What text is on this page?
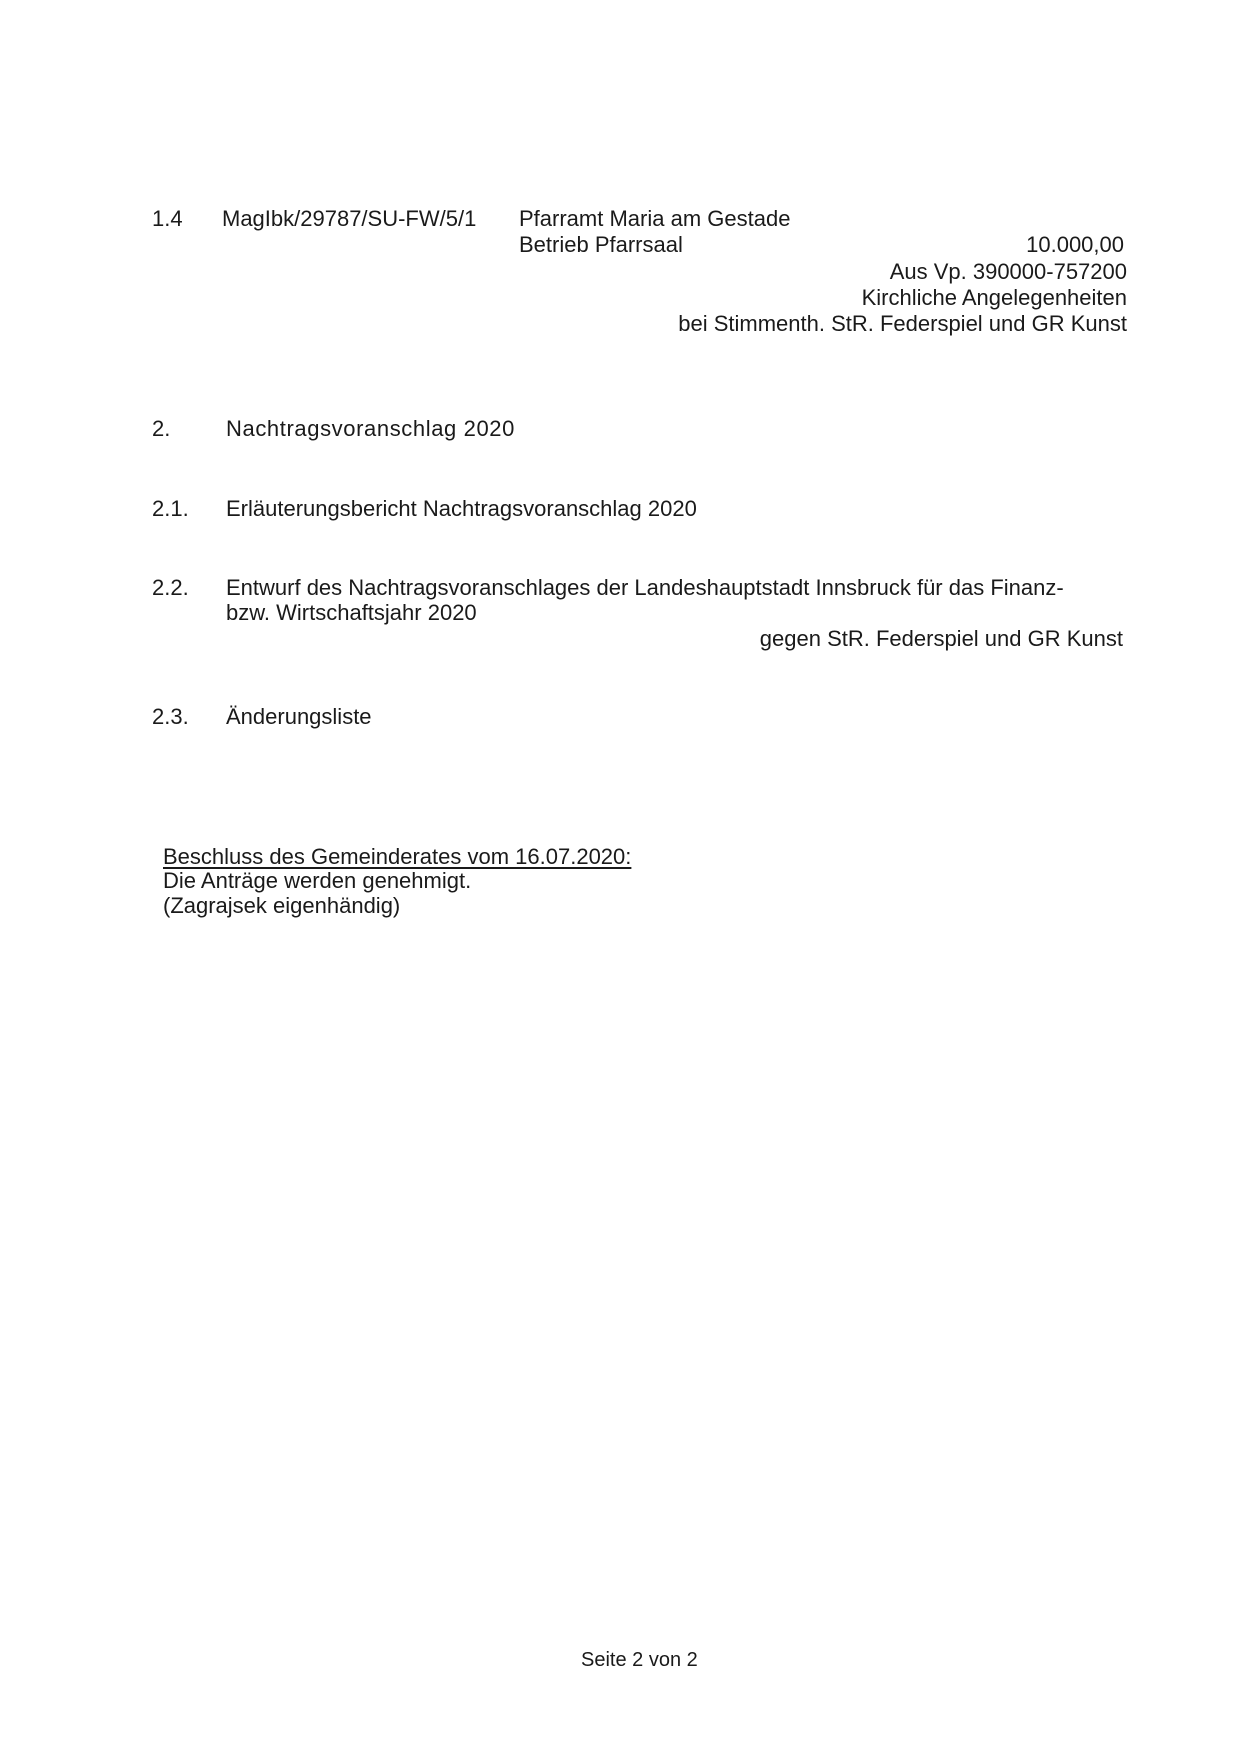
1.4 MagIbk/29787/SU-FW/5/1 Pfarramt Maria am Gestade
Betrieb Pfarrsaal	10.000,00
Aus Vp. 390000-757200
Kirchliche Angelegenheiten
bei Stimmenth. StR. Federspiel und GR Kunst
2.	Nachtragsvoranschlag 2020
2.1. Erläuterungsbericht Nachtragsvoranschlag 2020
2.2. Entwurf des Nachtragsvoranschlages der Landeshauptstadt Innsbruck für das Finanz-
bzw. Wirtschaftsjahr 2020
gegen StR. Federspiel und GR Kunst
2.3. Änderungsliste
Beschluss des Gemeinderates vom 16.07.2020:
Die Anträge werden genehmigt.
(Zagrajsek eigenhändig)
Seite 2 von 2
